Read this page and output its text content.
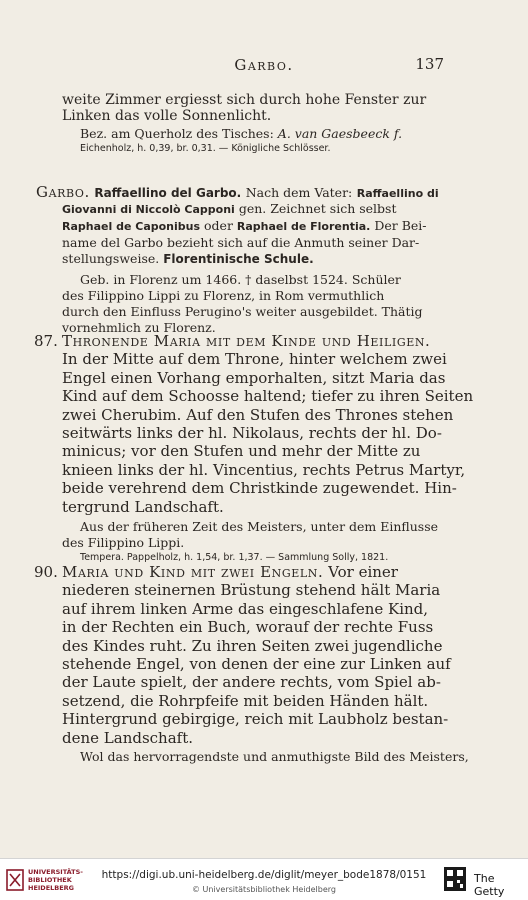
Garbo.	137
weite Zimmer ergiesst sich durch hohe Fenster zur
Linken das volle Sonnenlicht.
Bez. am Querholz des Tisches: A. van Gaesbeeck f.
Eichenholz, h. 0,39, br. 0,31. — Königliche Schlösser.
Garbo. Raffaellino del Garbo. Nach dem Vater: Raffaellino di
Giovanni di Niccolò Capponi gen. Zeichnet sich selbst
Raphael de Caponibus oder Raphael de Florentia. Der Bei-
name del Garbo bezieht sich auf die Anmuth seiner Dar-
stellungsweise. Florentinische Schule.
Geb. in Florenz um 1466. † daselbst 1524. Schüler
des Filippino Lippi zu Florenz, in Rom vermuthlich
durch den Einfluss Perugino's weiter ausgebildet. Thätig
vornehmlich zu Florenz.
87. Thronende Maria mit dem Kinde und Heiligen.
In der Mitte auf dem Throne, hinter welchem zwei
Engel einen Vorhang emporhalten, sitzt Maria das
Kind auf dem Schoosse haltend; tiefer zu ihren Seiten
zwei Cherubim. Auf den Stufen des Thrones stehen
seitwärts links der hl. Nikolaus, rechts der hl. Do-
minicus; vor den Stufen und mehr der Mitte zu
knieen links der hl. Vincentius, rechts Petrus Martyr,
beide verehrend dem Christkinde zugewendet. Hin-
tergrund Landschaft.
Aus der früheren Zeit des Meisters, unter dem Einflusse
des Filippino Lippi.
Tempera. Pappelholz, h. 1,54, br. 1,37. — Sammlung Solly, 1821.
90. Maria und Kind mit zwei Engeln. Vor einer
niederen steinernen Brüstung stehend hält Maria
auf ihrem linken Arme das eingeschlafene Kind,
in der Rechten ein Buch, worauf der rechte Fuss
des Kindes ruht. Zu ihren Seiten zwei jugendliche
stehende Engel, von denen der eine zur Linken auf
der Laute spielt, der andere rechts, vom Spiel ab-
setzend, die Rohrpfeife mit beiden Händen hält.
Hintergrund gebirgige, reich mit Laubholz bestan-
dene Landschaft.
Wol das hervorragendste und anmuthigste Bild des Meisters,
UNIVERSITÄTS-
BIBLIOTHEK
HEIDELBERG
https://digi.ub.uni-heidelberg.de/diglit/meyer_bode1878/0151
© Universitätsbibliothek Heidelberg
The Getty
